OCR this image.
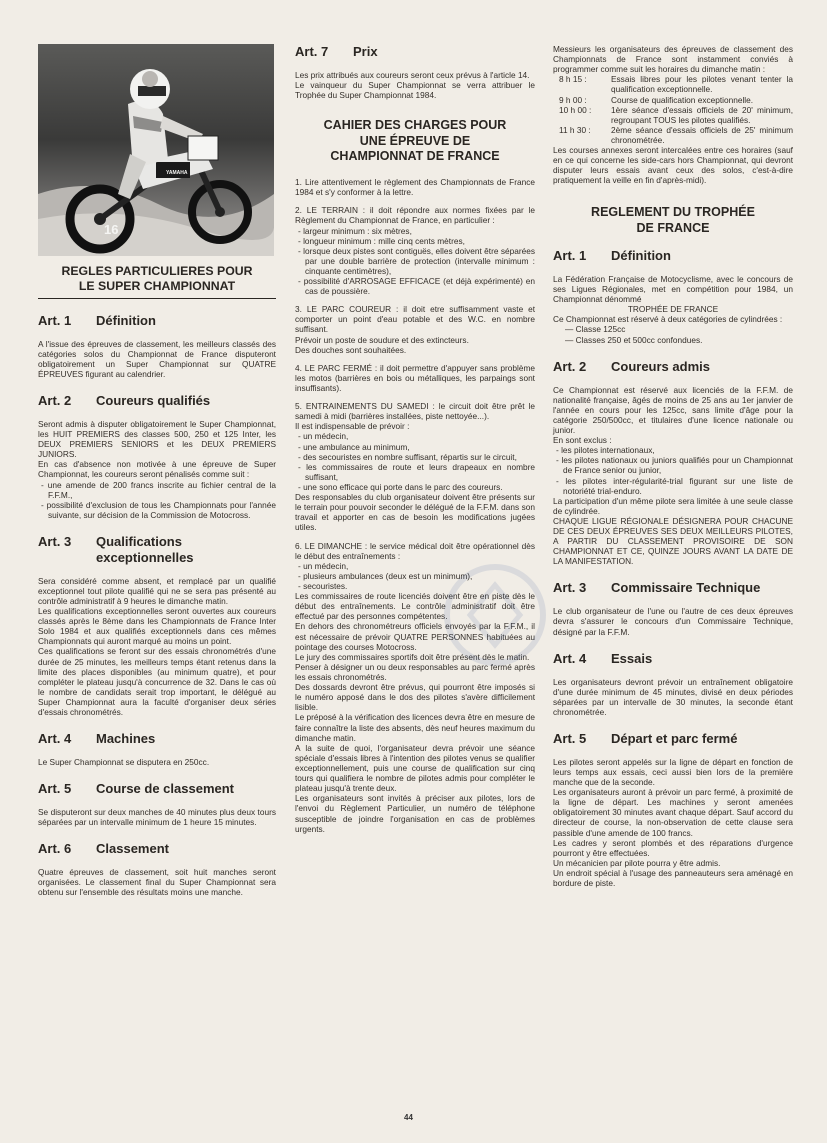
16
YAMAHA
REGLES PARTICULIERES POUR
LE SUPER CHAMPIONNAT
Art. 1	Définition
A l'issue des épreuves de classement, les meilleurs classés des catégories solos du Championnat de France disputeront obligatoirement un Super Championnat sur QUATRE ÉPREUVES figurant au calendrier.
Art. 2	Coureurs qualifiés
Seront admis à disputer obligatoirement le Super Championnat, les HUIT PREMIERS des classes 500, 250 et 125 Inter, les DEUX PREMIERS SENIORS et les DEUX PREMIERS JUNIORS.
En cas d'absence non motivée à une épreuve de Super Championnat, les coureurs seront pénalisés comme suit :
- une amende de 200 francs inscrite au fichier central de la F.F.M.,
- possibilité d'exclusion de tous les Championnats pour l'année suivante, sur décision de la Commission de Motocross.
Art. 3	Qualifications exceptionnelles
Sera considéré comme absent, et remplacé par un qualifié exceptionnel tout pilote qualifié qui ne se sera pas présenté au contrôle administratif à 9 heures le dimanche matin.
Les qualifications exceptionnelles seront ouvertes aux coureurs classés après le 8ème dans les Championnats de France Inter Solo 1984 et aux qualifiés exceptionnels dans ces mêmes Championnats qui auront marqué au moins un point.
Ces qualifications se feront sur des essais chronométrés d'une durée de 25 minutes, les meilleurs temps étant retenus dans la limite des places disponibles (au minimum quatre), et pour compléter le plateau jusqu'à concurrence de 32. Dans le cas où le nombre de candidats serait trop important, le délégué au Super Championnat aura la faculté d'organiser deux séries d'essais chronométrés.
Art. 4	Machines
Le Super Championnat se disputera en 250cc.
Art. 5	Course de classement
Se disputeront sur deux manches de 40 minutes plus deux tours séparées par un intervalle minimum de 1 heure 15 minutes.
Art. 6	Classement
Quatre épreuves de classement, soit huit manches seront organisées. Le classement final du Super Championnat sera obtenu sur l'ensemble des résultats moins une manche.
Art. 7	Prix
Les prix attribués aux coureurs seront ceux prévus à l'article 14.
Le vainqueur du Super Championnat se verra attribuer le Trophée du Super Championnat 1984.
CAHIER DES CHARGES POUR
UNE ÉPREUVE DE
CHAMPIONNAT DE FRANCE
1. Lire attentivement le règlement des Championnats de France 1984 et s'y conformer à la lettre.
2. LE TERRAIN : il doit répondre aux normes fixées par le Règlement du Championnat de France, en particulier :
- largeur minimum : six mètres,
- longueur minimum : mille cinq cents mètres,
- lorsque deux pistes sont contiguës, elles doivent être séparées par une double barrière de protection (intervalle minimum : cinquante centimètres),
- possibilité d'ARROSAGE EFFICACE (et déjà expérimenté) en cas de poussière.
3. LE PARC COUREUR : il doit etre suffisamment vaste et comporter un point d'eau potable et des W.C. en nombre suffisant.
Prévoir un poste de soudure et des extincteurs.
Des douches sont souhaitées.
4. LE PARC FERMÉ : il doit permettre d'appuyer sans problème les motos (barrières en bois ou métalliques, les parpaings sont insuffisants).
5. ENTRAINEMENTS DU SAMEDI : le circuit doit être prêt le samedi à midi (barrières installées, piste nettoyée...).
Il est indispensable de prévoir :
- un médecin,
- une ambulance au minimum,
- des secouristes en nombre suffisant, répartis sur le circuit,
- les commissaires de route et leurs drapeaux en nombre suffisant,
- une sono efficace qui porte dans le parc des coureurs.
Des responsables du club organisateur doivent être présents sur le terrain pour pouvoir seconder le délégué de la F.F.M. dans son travail et apporter en cas de besoin les modifications jugées utiles.
6. LE DIMANCHE : le service médical doit être opérationnel dès le début des entraînements :
- un médecin,
- plusieurs ambulances (deux est un minimum),
- secouristes.
Les commissaires de route licenciés doivent être en piste dès le début des entraînements. Le contrôle administratif doit être effectué par des personnes compétentes.
En dehors des chronométreurs officiels envoyés par la F.F.M., il est nécessaire de prévoir QUATRE PERSONNES habituées au pointage des courses Motocross.
Le jury des commissaires sportifs doit être présent dès le matin.
Penser à désigner un ou deux responsables au parc fermé après les essais chronométrés.
Des dossards devront être prévus, qui pourront être imposés si le numéro apposé dans le dos des pilotes s'avère difficilement lisible.
Le préposé à la vérification des licences devra être en mesure de faire connaître la liste des absents, dès neuf heures maximum du dimanche matin.
A la suite de quoi, l'organisateur devra prévoir une séance spéciale d'essais libres à l'intention des pilotes venus se qualifier exceptionnellement, puis une course de qualification sur cinq tours qui qualifiera le nombre de pilotes admis pour compléter le plateau jusqu'à trente deux.
Les organisateurs sont invités à préciser aux pilotes, lors de l'envoi du Règlement Particulier, un numéro de téléphone susceptible de joindre l'organisation en cas de problèmes urgents.
Messieurs les organisateurs des épreuves de classement des Championnats de France sont instamment conviés à programmer comme suit les horaires du dimanche matin :
8 h 15 :	Essais libres pour les pilotes venant tenter la qualification exceptionnelle.
9 h 00 :	Course de qualification exceptionnelle.
10 h 00 :	1ère séance d'essais officiels de 20' minimum, regroupant TOUS les pilotes qualifiés.
11 h 30 :	2ème séance d'essais officiels de 25' minimum chronométrée.
Les courses annexes seront intercalées entre ces horaires (sauf en ce qui concerne les side-cars hors Championnat, qui devront disputer leurs essais avant ceux des solos, c'est-à-dire pratiquement la veille en fin d'après-midi).
REGLEMENT DU TROPHÉE
DE FRANCE
Art. 1	Définition
La Fédération Française de Motocyclisme, avec le concours de ses Ligues Régionales, met en compétition pour 1984, un Championnat dénommé
TROPHÉE DE FRANCE
Ce Championnat est réservé à deux catégories de cylindrées :
— Classe 125cc
— Classes 250 et 500cc confondues.
Art. 2	Coureurs admis
Ce Championnat est réservé aux licenciés de la F.F.M. de nationalité française, âgés de moins de 25 ans au 1er janvier de l'année en cours pour les 125cc, sans limite d'âge pour la catégorie 250/500cc, et titulaires d'une licence nationale ou junior.
En sont exclus :
- les pilotes internationaux,
- les pilotes nationaux ou juniors qualifiés pour un Championnat de France senior ou junior,
- les pilotes inter-régularité-trial figurant sur une liste de notoriété trial-enduro.
La participation d'un même pilote sera limitée à une seule classe de cylindrée.
CHAQUE LIGUE RÉGIONALE DÉSIGNERA POUR CHACUNE DE CES DEUX ÉPREUVES SES DEUX MEILLEURS PILOTES, A PARTIR DU CLASSEMENT PROVISOIRE DE SON CHAMPIONNAT ET CE, QUINZE JOURS AVANT LA DATE DE LA MANIFESTATION.
Art. 3	Commissaire Technique
Le club organisateur de l'une ou l'autre de ces deux épreuves devra s'assurer le concours d'un Commissaire Technique, désigné par la F.F.M.
Art. 4	Essais
Les organisateurs devront prévoir un entraînement obligatoire d'une durée minimum de 45 minutes, divisé en deux périodes séparées par un intervalle de 30 minutes, la seconde étant chronométrée.
Art. 5	Départ et parc fermé
Les pilotes seront appelés sur la ligne de départ en fonction de leurs temps aux essais, ceci aussi bien lors de la première manche que de la seconde.
Les organisateurs auront à prévoir un parc fermé, à proximité de la ligne de départ. Les machines y seront amenées obligatoirement 30 minutes avant chaque départ. Sauf accord du directeur de course, la non-observation de cette clause sera passible d'une amende de 100 francs.
Les cadres y seront plombés et des réparations d'urgence pourront y être effectuées.
Un mécanicien par pilote pourra y être admis.
Un endroit spécial à l'usage des panneauteurs sera aménagé en bordure de piste.
44
